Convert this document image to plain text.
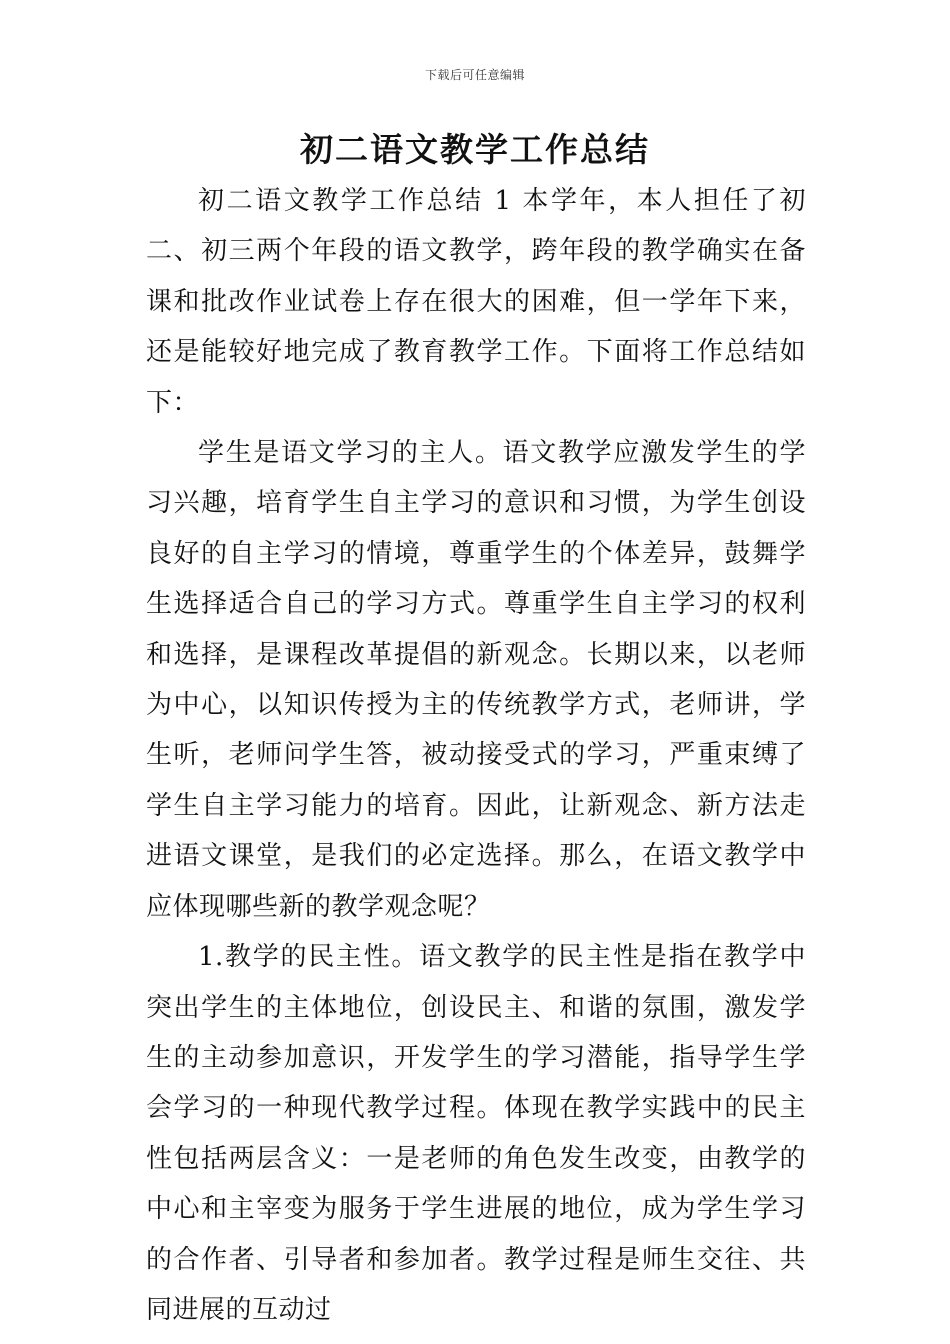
下载后可任意编辑
初二语文教学工作总结

初二语文教学工作总结 1 本学年，本人担任了初二、初三两个年段的语文教学，跨年段的教学确实在备课和批改作业试卷上存在很大的困难，但一学年下来，还是能较好地完成了教育教学工作。下面将工作总结如下：

学生是语文学习的主人。语文教学应激发学生的学习兴趣，培育学生自主学习的意识和习惯，为学生创设良好的自主学习的情境，尊重学生的个体差异，鼓舞学生选择适合自己的学习方式。尊重学生自主学习的权利和选择，是课程改革提倡的新观念。长期以来，以老师为中心，以知识传授为主的传统教学方式，老师讲，学生听，老师问学生答，被动接受式的学习，严重束缚了学生自主学习能力的培育。因此，让新观念、新方法走进语文课堂，是我们的必定选择。那么，在语文教学中应体现哪些新的教学观念呢？

1.教学的民主性。语文教学的民主性是指在教学中突出学生的主体地位，创设民主、和谐的氛围，激发学生的主动参加意识，开发学生的学习潜能，指导学生学会学习的一种现代教学过程。体现在教学实践中的民主性包括两层含义：一是老师的角色发生改变，由教学的中心和主宰变为服务于学生进展的地位，成为学生学习的合作者、引导者和参加者。教学过程是师生交往、共同进展的互动过
